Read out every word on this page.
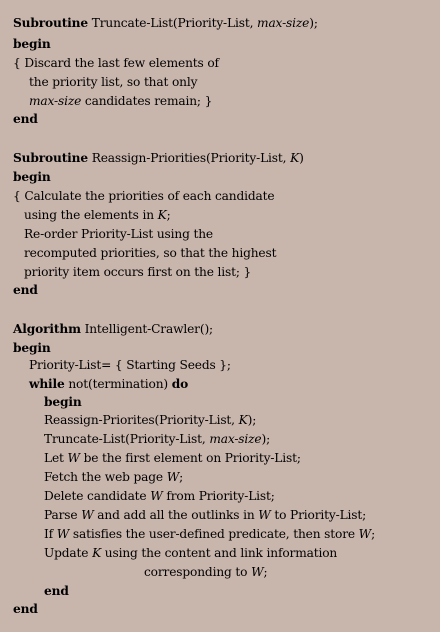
Subroutine Truncate-List(Priority-List, max-size);
begin
{ Discard the last few elements of
the priority list, so that only
max-size candidates remain; }
end
Subroutine Reassign-Priorities(Priority-List, K)
begin
{ Calculate the priorities of each candidate
using the elements in K;
Re-order Priority-List using the
recomputed priorities, so that the highest
priority item occurs first on the list; }
end
Algorithm Intelligent-Crawler();
begin
Priority-List= { Starting Seeds };
while not(termination) do
begin
Reassign-Priorites(Priority-List, K);
Truncate-List(Priority-List, max-size);
Let W be the first element on Priority-List;
Fetch the web page W;
Delete candidate W from Priority-List;
Parse W and add all the outlinks in W to Priority-List;
If W satisfies the user-defined predicate, then store W;
Update K using the content and link information
corresponding to W;
end
end
